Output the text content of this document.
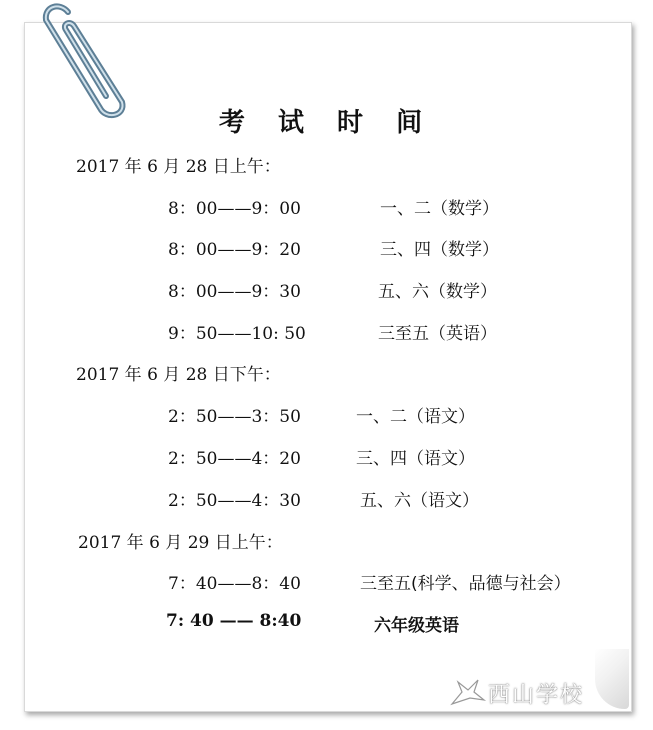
考 试 时 间
2017 年 6 月 28 日上午：
8：00——9：00	一、二（数学）
8：00——9：20	三、四（数学）
8：00——9：30	五、六（数学）
9：50——10: 50	三至五（英语）
2017 年 6 月 28 日下午：
2：50——3：50	一、二（语文）
2：50——4：20	三、四（语文）
2：50——4：30	五、六（语文）
2017 年 6 月 29 日上午：
7：40——8：40	三至五(科学、品德与社会）
7: 40 —— 8:40	六年级英语
西山学校
